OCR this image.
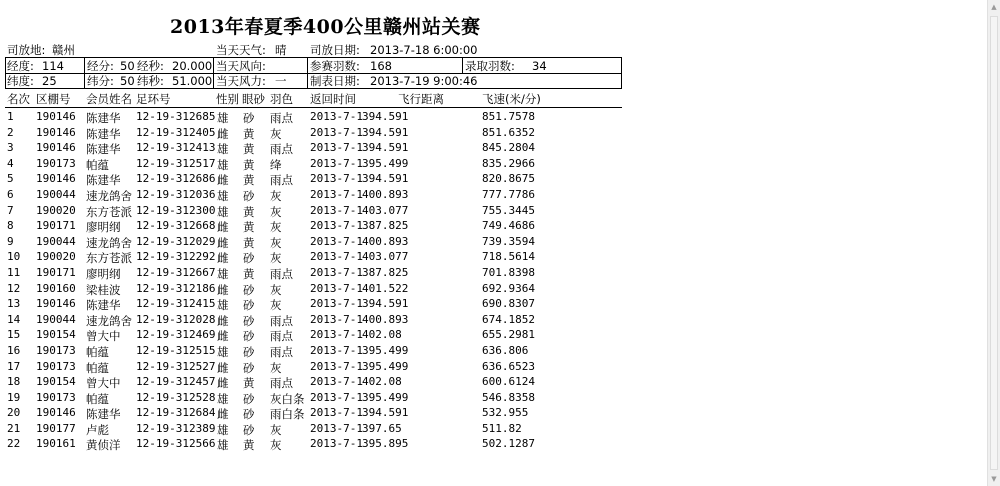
2013年春夏季400公里赣州站关赛
司放地: 赣州	当天天气: 晴 司放日期: 2013-7-18 6:00:00
经度: 114 经分: 50 经秒: 20.000 当天风向:	参赛羽数: 168	录取羽数: 34
纬度: 25	纬分: 50 纬秒: 51.000 当天风力: 一 制表日期: 2013-7-19 9:00:46
名次 区棚号 会员姓名 足环号	性别 眼砂 羽色 返回时间	飞行距离	飞速(米/分)
1 190146 陈建华 12-19-312685 雄 砂 雨点 2013-7-1 394.591	851.7578
2 190146 陈建华 12-19-312405 雌 黄 灰	2013-7-1 394.591	851.6352
3 190146 陈建华 12-19-312413 雄 黄 雨点 2013-7-1 394.591	845.2804
4 190173 帕蕴 12-19-312517 雄 黄 绛	2013-7-1 395.499	835.2966
5 190146 陈建华 12-19-312686 雌 黄 雨点 2013-7-1 394.591	820.8675
6 190044 速龙鸽舍 12-19-312036 雄 砂 灰	2013-7-1 400.893	777.7786
7 190020 东方苍派 12-19-312300 雄 黄 灰	2013-7-1 403.077	755.3445
8 190171 廖明纲 12-19-312668 雌 黄 灰	2013-7-1 387.825	749.4686
9 190044 速龙鸽舍 12-19-312029 雌 黄 灰	2013-7-1 400.893	739.3594
10 190020 东方苍派 12-19-312292 雌 砂 灰	2013-7-1 403.077	718.5614
11 190171 廖明纲 12-19-312667 雄 黄 雨点 2013-7-1 387.825	701.8398
12 190160 梁桂波 12-19-312186 雌 砂 灰	2013-7-1 401.522	692.9364
13 190146 陈建华 12-19-312415 雄 砂 灰	2013-7-1 394.591	690.8307
14 190044 速龙鸽舍 12-19-312028 雌 砂 雨点 2013-7-1 400.893	674.1852
15 190154 曾大中 12-19-312469 雌 砂 雨点 2013-7-1 402.08	655.2981
16 190173 帕蕴 12-19-312515 雄 砂 雨点 2013-7-1 395.499	636.806
17 190173 帕蕴 12-19-312527 雌 砂 灰	2013-7-1 395.499	636.6523
18 190154 曾大中 12-19-312457 雌 黄 雨点 2013-7-1 402.08	600.6124
19 190173 帕蕴 12-19-312528 雄 砂 灰白条 2013-7-1 395.499	546.8358
20 190146 陈建华 12-19-312684 雌 砂 雨白条 2013-7-1 394.591	532.955
21 190177 卢彪 12-19-312389 雄 砂 灰	2013-7-1 397.65	511.82
22 190161 黄侦洋 12-19-312566 雄 黄 灰	2013-7-1 395.895	502.1287
▲
▼
